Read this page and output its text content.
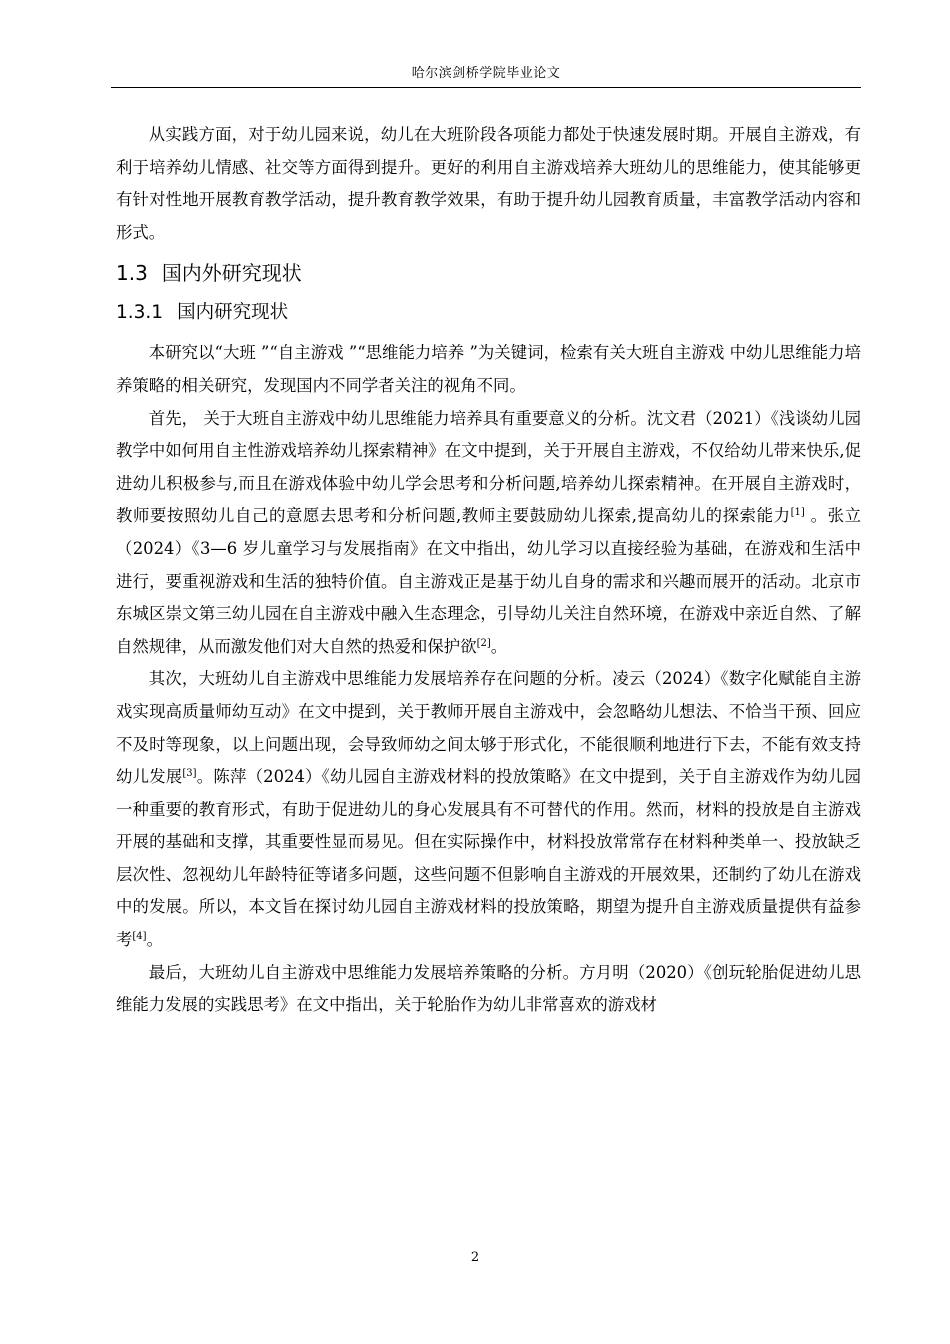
哈尔滨剑桥学院毕业论文

从实践方面，对于幼儿园来说，幼儿在大班阶段各项能力都处于快速发展时期。开展自主游戏，有利于培养幼儿情感、社交等方面得到提升。更好的利用自主游戏培养大班幼儿的思维能力，使其能够更有针对性地开展教育教学活动，提升教育教学效果，有助于提升幼儿园教育质量，丰富教学活动内容和形式。

1.3 国内外研究现状
1.3.1 国内研究现状

本研究以“大班 ”“自主游戏 ”“思维能力培养 ”为关键词，检索有关大班自主游戏 中幼儿思维能力培养策略的相关研究，发现国内不同学者关注的视角不同。

首先， 关于大班自主游戏中幼儿思维能力培养具有重要意义的分析。沈文君（2021）《浅谈幼儿园教学中如何用自主性游戏培养幼儿探索精神》在文中提到，关于开展自主游戏，不仅给幼儿带来快乐,促进幼儿积极参与,而且在游戏体验中幼儿学会思考和分析问题,培养幼儿探索精神。在开展自主游戏时，教师要按照幼儿自己的意愿去思考和分析问题,教师主要鼓励幼儿探索,提高幼儿的探索能力[1] 。张立（2024）《3—6 岁儿童学习与发展指南》在文中指出，幼儿学习以直接经验为基础，在游戏和生活中进行，要重视游戏和生活的独特价值。自主游戏正是基于幼儿自身的需求和兴趣而展开的活动。北京市东城区崇文第三幼儿园在自主游戏中融入生态理念，引导幼儿关注自然环境，在游戏中亲近自然、了解自然规律，从而激发他们对大自然的热爱和保护欲[2]。

其次，大班幼儿自主游戏中思维能力发展培养存在问题的分析。凌云（2024）《数字化赋能自主游戏实现高质量师幼互动》在文中提到，关于教师开展自主游戏中，会忽略幼儿想法、不恰当干预、回应不及时等现象，以上问题出现，会导致师幼之间太够于形式化，不能很顺利地进行下去，不能有效支持幼儿发展[3]。陈萍（2024）《幼儿园自主游戏材料的投放策略》在文中提到，关于自主游戏作为幼儿园一种重要的教育形式，有助于促进幼儿的身心发展具有不可替代的作用。然而，材料的投放是自主游戏开展的基础和支撑，其重要性显而易见。但在实际操作中，材料投放常常存在材料种类单一、投放缺乏层次性、忽视幼儿年龄特征等诸多问题，这些问题不但影响自主游戏的开展效果，还制约了幼儿在游戏中的发展。所以，本文旨在探讨幼儿园自主游戏材料的投放策略，期望为提升自主游戏质量提供有益参考[4]。

最后，大班幼儿自主游戏中思维能力发展培养策略的分析。方月明（2020）《创玩轮胎促进幼儿思维能力发展的实践思考》在文中指出，关于轮胎作为幼儿非常喜欢的游戏材

2
